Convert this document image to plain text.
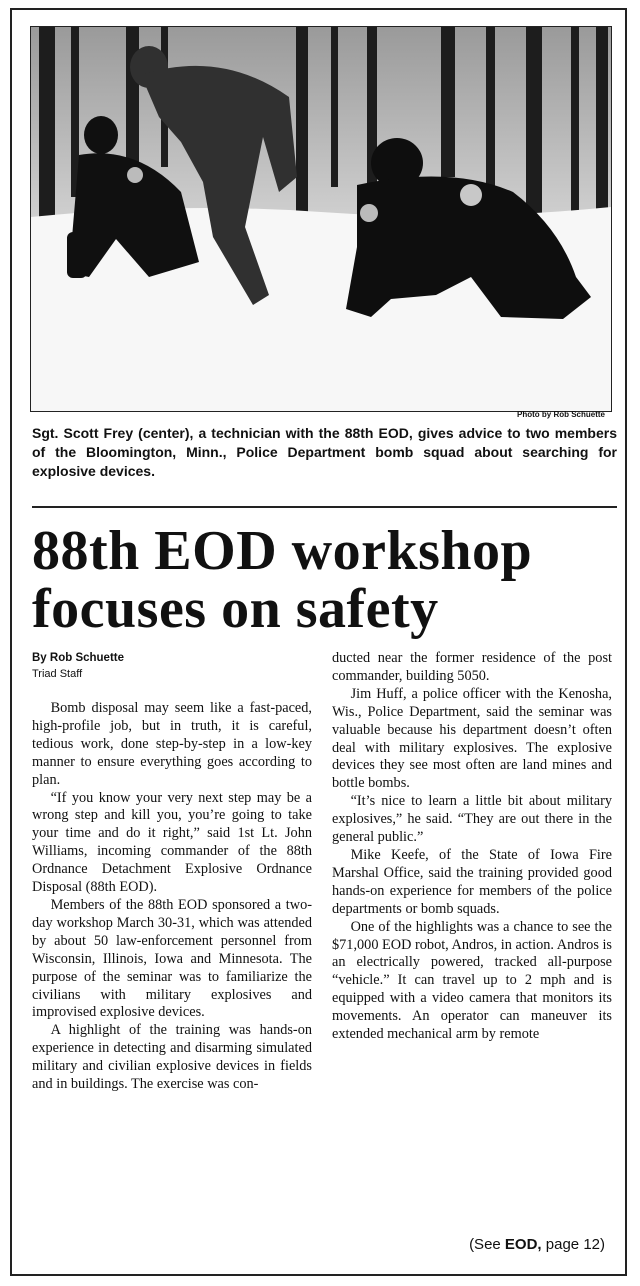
Photo by Rob Schuette

Sgt. Scott Frey (center), a technician with the 88th EOD, gives advice to two members of the Bloomington, Minn., Police Department bomb squad about searching for explosive devices.

88th EOD workshop focuses on safety

By Rob Schuette

Triad Staff

Bomb disposal may seem like a fast-paced, high-profile job, but in truth, it is careful, tedious work, done step-by-step in a low-key manner to ensure everything goes according to plan.

“If you know your very next step may be a wrong step and kill you, you’re going to take your time and do it right,” said 1st Lt. John Williams, incoming commander of the 88th Ordnance Detachment Explosive Ordnance Disposal (88th EOD).

Members of the 88th EOD sponsored a two-day workshop March 30-31, which was attended by about 50 law-enforcement personnel from Wisconsin, Illinois, Iowa and Minnesota. The purpose of the seminar was to familiarize the civilians with military explosives and improvised explosive devices.

A highlight of the training was hands-on experience in detecting and disarming simulated military and civilian explosive devices in fields and in buildings. The exercise was con-

ducted near the former residence of the post commander, building 5050.

Jim Huff, a police officer with the Kenosha, Wis., Police Department, said the seminar was valuable because his department doesn’t often deal with military explosives. The explosive devices they see most often are land mines and bottle bombs.

“It’s nice to learn a little bit about military explosives,” he said. “They are out there in the general public.”

Mike Keefe, of the State of Iowa Fire Marshal Office, said the training provided good hands-on experience for members of the police departments or bomb squads.

One of the highlights was a chance to see the $71,000 EOD robot, Andros, in action. Andros is an electrically powered, tracked all-purpose “vehicle.” It can travel up to 2 mph and is equipped with a video camera that monitors its movements. An operator can maneuver its extended mechanical arm by remote

(See EOD, page 12)
